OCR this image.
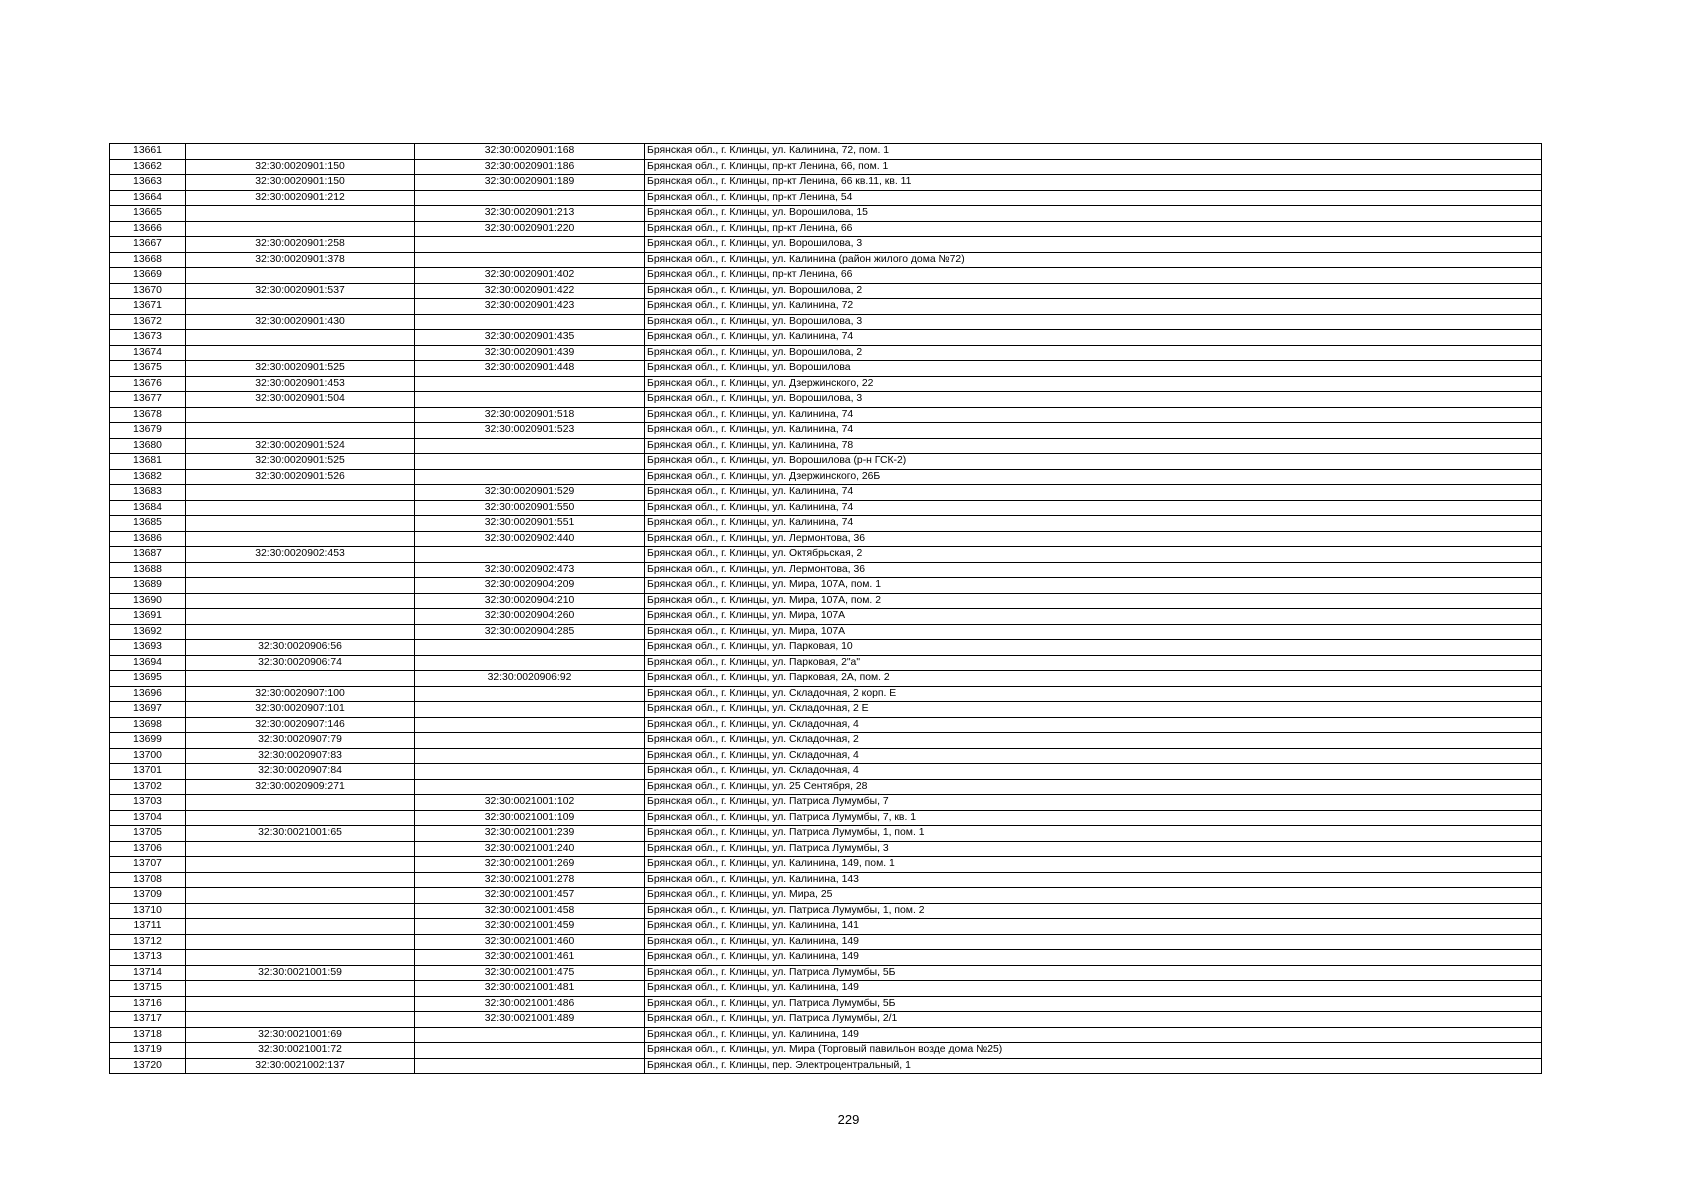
13661		32:30:0020901:168	Брянская обл., г. Клинцы, ул. Калинина, 72, пом. 1
13662	32:30:0020901:150	32:30:0020901:186	Брянская обл., г. Клинцы, пр-кт Ленина, 66, пом. 1
13663	32:30:0020901:150	32:30:0020901:189	Брянская обл., г. Клинцы, пр-кт Ленина, 66 кв.11, кв. 11
13664	32:30:0020901:212		Брянская обл., г. Клинцы, пр-кт Ленина, 54
13665		32:30:0020901:213	Брянская обл., г. Клинцы, ул. Ворошилова, 15
13666		32:30:0020901:220	Брянская обл., г. Клинцы, пр-кт Ленина, 66
13667	32:30:0020901:258		Брянская обл., г. Клинцы, ул. Ворошилова, 3
13668	32:30:0020901:378		Брянская обл., г. Клинцы, ул. Калинина (район жилого дома №72)
13669		32:30:0020901:402	Брянская обл., г. Клинцы, пр-кт Ленина, 66
13670	32:30:0020901:537	32:30:0020901:422	Брянская обл., г. Клинцы, ул. Ворошилова, 2
13671		32:30:0020901:423	Брянская обл., г. Клинцы, ул. Калинина, 72
13672	32:30:0020901:430		Брянская обл., г. Клинцы, ул. Ворошилова, 3
13673		32:30:0020901:435	Брянская обл., г. Клинцы, ул. Калинина, 74
13674		32:30:0020901:439	Брянская обл., г. Клинцы, ул. Ворошилова, 2
13675	32:30:0020901:525	32:30:0020901:448	Брянская обл., г. Клинцы, ул. Ворошилова
13676	32:30:0020901:453		Брянская обл., г. Клинцы, ул. Дзержинского, 22
13677	32:30:0020901:504		Брянская обл., г. Клинцы, ул. Ворошилова, 3
13678		32:30:0020901:518	Брянская обл., г. Клинцы, ул. Калинина, 74
13679		32:30:0020901:523	Брянская обл., г. Клинцы, ул. Калинина, 74
13680	32:30:0020901:524		Брянская обл., г. Клинцы, ул. Калинина, 78
13681	32:30:0020901:525		Брянская обл., г. Клинцы, ул. Ворошилова (р-н ГСК-2)
13682	32:30:0020901:526		Брянская обл., г. Клинцы, ул. Дзержинского, 26Б
13683		32:30:0020901:529	Брянская обл., г. Клинцы, ул. Калинина, 74
13684		32:30:0020901:550	Брянская обл., г. Клинцы, ул. Калинина, 74
13685		32:30:0020901:551	Брянская обл., г. Клинцы, ул. Калинина, 74
13686		32:30:0020902:440	Брянская обл., г. Клинцы, ул. Лермонтова, 36
13687	32:30:0020902:453		Брянская обл., г. Клинцы, ул. Октябрьская, 2
13688		32:30:0020902:473	Брянская обл., г. Клинцы, ул. Лермонтова, 36
13689		32:30:0020904:209	Брянская обл., г. Клинцы, ул. Мира, 107А, пом. 1
13690		32:30:0020904:210	Брянская обл., г. Клинцы, ул. Мира, 107А, пом. 2
13691		32:30:0020904:260	Брянская обл., г. Клинцы, ул. Мира, 107А
13692		32:30:0020904:285	Брянская обл., г. Клинцы, ул. Мира, 107А
13693	32:30:0020906:56		Брянская обл., г. Клинцы, ул. Парковая, 10
13694	32:30:0020906:74		Брянская обл., г. Клинцы, ул. Парковая, 2"а"
13695		32:30:0020906:92	Брянская обл., г. Клинцы, ул. Парковая, 2А, пом. 2
13696	32:30:0020907:100		Брянская обл., г. Клинцы, ул. Складочная, 2 корп. Е
13697	32:30:0020907:101		Брянская обл., г. Клинцы, ул. Складочная, 2 Е
13698	32:30:0020907:146		Брянская обл., г. Клинцы, ул. Складочная, 4
13699	32:30:0020907:79		Брянская обл., г. Клинцы, ул. Складочная, 2
13700	32:30:0020907:83		Брянская обл., г. Клинцы, ул. Складочная, 4
13701	32:30:0020907:84		Брянская обл., г. Клинцы, ул. Складочная, 4
13702	32:30:0020909:271		Брянская обл., г. Клинцы, ул. 25 Сентября, 28
13703		32:30:0021001:102	Брянская обл., г. Клинцы, ул. Патриса Лумумбы, 7
13704		32:30:0021001:109	Брянская обл., г. Клинцы, ул. Патриса Лумумбы, 7, кв. 1
13705	32:30:0021001:65	32:30:0021001:239	Брянская обл., г. Клинцы, ул. Патриса Лумумбы, 1, пом. 1
13706		32:30:0021001:240	Брянская обл., г. Клинцы, ул. Патриса Лумумбы, 3
13707		32:30:0021001:269	Брянская обл., г. Клинцы, ул. Калинина, 149, пом. 1
13708		32:30:0021001:278	Брянская обл., г. Клинцы, ул. Калинина, 143
13709		32:30:0021001:457	Брянская обл., г. Клинцы, ул. Мира, 25
13710		32:30:0021001:458	Брянская обл., г. Клинцы, ул. Патриса Лумумбы, 1, пом. 2
13711		32:30:0021001:459	Брянская обл., г. Клинцы, ул. Калинина, 141
13712		32:30:0021001:460	Брянская обл., г. Клинцы, ул. Калинина, 149
13713		32:30:0021001:461	Брянская обл., г. Клинцы, ул. Калинина, 149
13714	32:30:0021001:59	32:30:0021001:475	Брянская обл., г. Клинцы, ул. Патриса Лумумбы, 5Б
13715		32:30:0021001:481	Брянская обл., г. Клинцы, ул. Калинина, 149
13716		32:30:0021001:486	Брянская обл., г. Клинцы, ул. Патриса Лумумбы, 5Б
13717		32:30:0021001:489	Брянская обл., г. Клинцы, ул. Патриса Лумумбы, 2/1
13718	32:30:0021001:69		Брянская обл., г. Клинцы, ул. Калинина, 149
13719	32:30:0021001:72		Брянская обл., г. Клинцы, ул. Мира (Торговый павильон возде дома №25)
13720	32:30:0021002:137		Брянская обл., г. Клинцы, пер. Электроцентральный, 1
229
